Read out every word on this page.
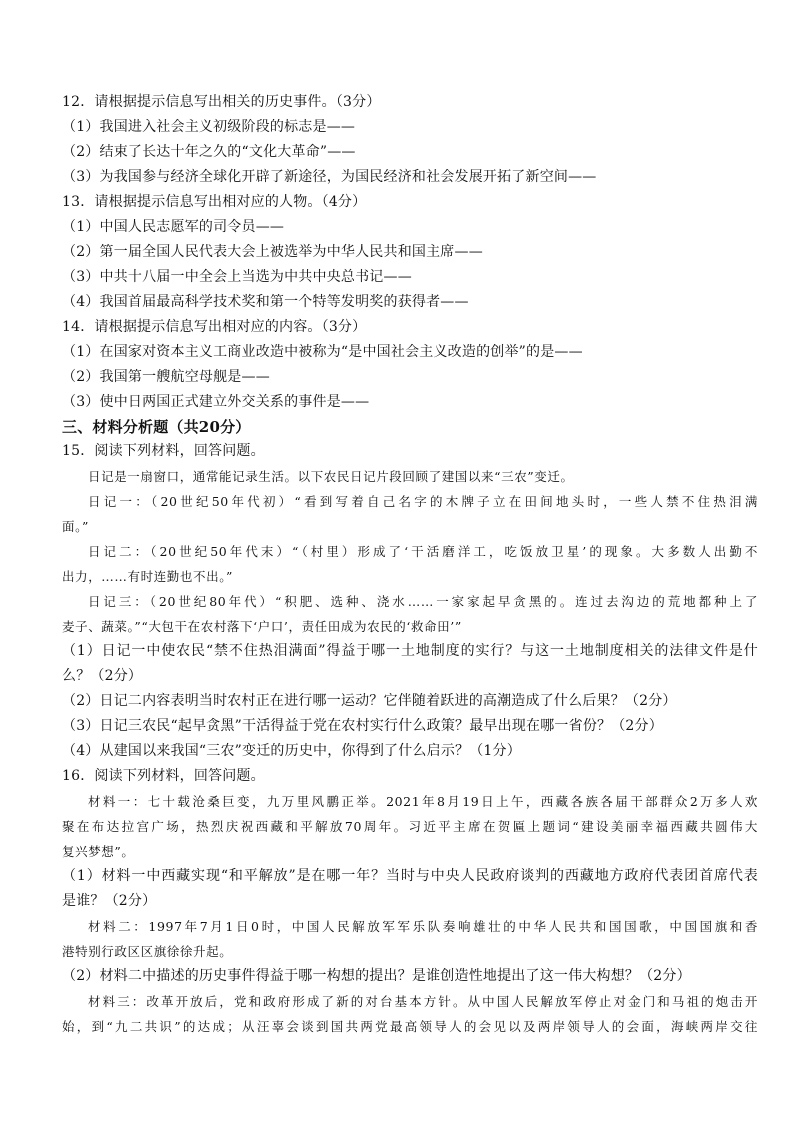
12．请根据提示信息写出相关的历史事件。（3分）
（1）我国进入社会主义初级阶段的标志是——
（2）结束了长达十年之久的“文化大革命”——
（3）为我国参与经济全球化开辟了新途径，为国民经济和社会发展开拓了新空间——
13．请根据提示信息写出相对应的人物。（4分）
（1）中国人民志愿军的司令员——
（2）第一届全国人民代表大会上被选举为中华人民共和国主席——
（3）中共十八届一中全会上当选为中共中央总书记——
（4）我国首届最高科学技术奖和第一个特等发明奖的获得者——
14．请根据提示信息写出相对应的内容。（3分）
（1）在国家对资本主义工商业改造中被称为“是中国社会主义改造的创举”的是——
（2）我国第一艘航空母舰是——
（3）使中日两国正式建立外交关系的事件是——
三、材料分析题（共20分）
15．阅读下列材料，回答问题。
日记是一扇窗口，通常能记录生活。以下农民日记片段回顾了建国以来“三农”变迁。
日记一：（20世纪50年代初）“看到写着自己名字的木牌子立在田间地头时，一些人禁不住热泪满
面。”
日记二：（20世纪50年代末）“（村里）形成了‘干活磨洋工，吃饭放卫星’的现象。大多数人出勤不
出力，……有时连勤也不出。”
日记三：（20世纪80年代）“积肥、选种、浇水……一家家起早贪黑的。连过去沟边的荒地都种上了
麦子、蔬菜。”“大包干在农村落下‘户口’，责任田成为农民的‘救命田’”
（1）日记一中使农民“禁不住热泪满面”得益于哪一土地制度的实行？与这一土地制度相关的法律文件是什
么？（2分）
（2）日记二内容表明当时农村正在进行哪一运动？它伴随着跃进的高潮造成了什么后果？（2分）
（3）日记三农民“起早贪黑”干活得益于党在农村实行什么政策？最早出现在哪一省份？（2分）
（4）从建国以来我国“三农”变迁的历史中，你得到了什么启示？（1分）
16．阅读下列材料，回答问题。
材料一：七十载沧桑巨变，九万里风鹏正举。2021年8月19日上午，西藏各族各届干部群众2万多人欢
聚在布达拉宫广场，热烈庆祝西藏和平解放70周年。习近平主席在贺匾上题词“建设美丽幸福西藏共圆伟大
复兴梦想”。
（1）材料一中西藏实现“和平解放”是在哪一年？当时与中央人民政府谈判的西藏地方政府代表团首席代表
是谁？（2分）
材料二：1997年7月1日0时，中国人民解放军军乐队奏响雄壮的中华人民共和国国歌，中国国旗和香
港特别行政区区旗徐徐升起。
（2）材料二中描述的历史事件得益于哪一构想的提出？是谁创造性地提出了这一伟大构想？（2分）
材料三：改革开放后，党和政府形成了新的对台基本方针。从中国人民解放军停止对金门和马祖的炮击开
始，到“九二共识”的达成；从汪辜会谈到国共两党最高领导人的会见以及两岸领导人的会面，海峡两岸交往
